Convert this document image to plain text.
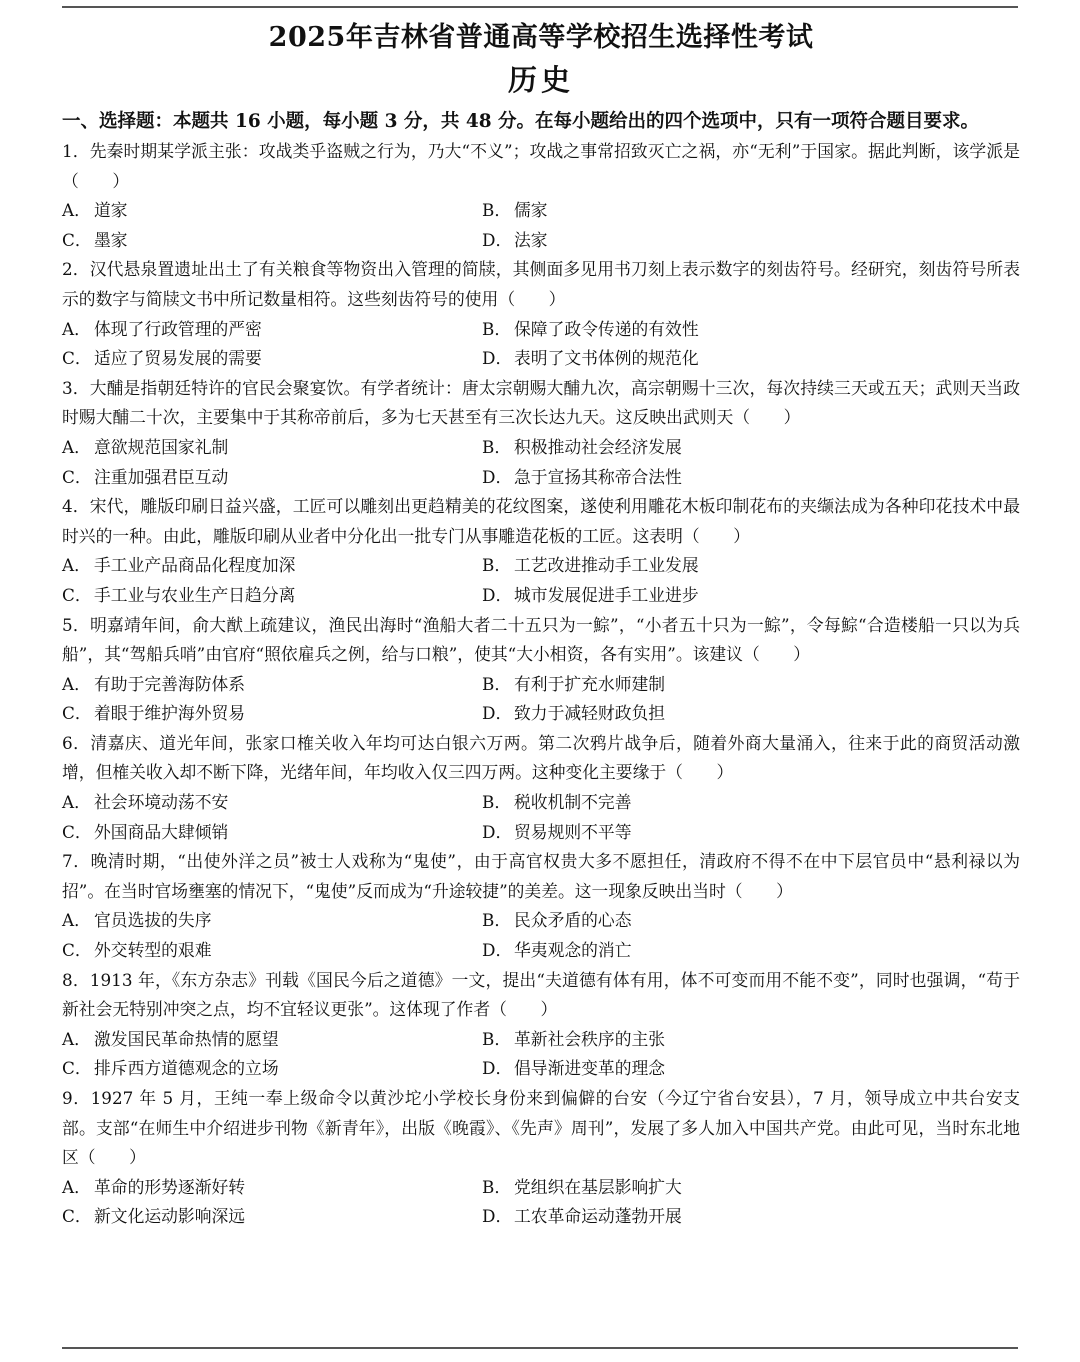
2025年吉林省普通高等学校招生选择性考试
历史

一、选择题：本题共 16 小题，每小题 3 分，共 48 分。在每小题给出的四个选项中，只有一项符合题目要求。

1．先秦时期某学派主张：攻战类乎盗贼之行为，乃大“不义”；攻战之事常招致灭亡之祸，亦“无利”于国家。据此判断，该学派是（　　）

A． 道家	B． 儒家
C． 墨家	D． 法家

2．汉代悬泉置遗址出土了有关粮食等物资出入管理的简牍，其侧面多见用书刀刻上表示数字的刻齿符号。经研究，刻齿符号所表示的数字与简牍文书中所记数量相符。这些刻齿符号的使用（　　）

A． 体现了行政管理的严密	B． 保障了政令传递的有效性
C． 适应了贸易发展的需要	D． 表明了文书体例的规范化

3．大酺是指朝廷特许的官民会聚宴饮。有学者统计：唐太宗朝赐大酺九次，高宗朝赐十三次，每次持续三天或五天；武则天当政时赐大酺二十次，主要集中于其称帝前后，多为七天甚至有三次长达九天。这反映出武则天（　　）

A． 意欲规范国家礼制	B． 积极推动社会经济发展
C． 注重加强君臣互动	D． 急于宣扬其称帝合法性

4．宋代，雕版印刷日益兴盛，工匠可以雕刻出更趋精美的花纹图案，遂使利用雕花木板印制花布的夹缬法成为各种印花技术中最时兴的一种。由此，雕版印刷从业者中分化出一批专门从事雕造花板的工匠。这表明（　　）

A． 手工业产品商品化程度加深	B． 工艺改进推动手工业发展
C． 手工业与农业生产日趋分离	D． 城市发展促进手工业进步

5．明嘉靖年间，俞大猷上疏建议，渔民出海时“渔船大者二十五只为一鯮”，“小者五十只为一鯮”，令每鯮“合造楼船一只以为兵船”，其“驾船兵哨”由官府“照依雇兵之例，给与口粮”，使其“大小相资，各有实用”。该建议（　　）

A． 有助于完善海防体系	B． 有利于扩充水师建制
C． 着眼于维护海外贸易	D． 致力于减轻财政负担

6．清嘉庆、道光年间，张家口榷关收入年均可达白银六万两。第二次鸦片战争后，随着外商大量涌入，往来于此的商贸活动激增，但榷关收入却不断下降，光绪年间，年均收入仅三四万两。这种变化主要缘于（　　）

A． 社会环境动荡不安	B． 税收机制不完善
C． 外国商品大肆倾销	D． 贸易规则不平等

7．晚清时期，“出使外洋之员”被士人戏称为“鬼使”，由于高官权贵大多不愿担任，清政府不得不在中下层官员中“悬利禄以为招”。在当时官场壅塞的情况下，“鬼使”反而成为“升途较捷”的美差。这一现象反映出当时（　　）

A． 官员选拔的失序	B． 民众矛盾的心态
C． 外交转型的艰难	D． 华夷观念的消亡

8．1913 年，《东方杂志》刊载《国民今后之道德》一文，提出“夫道德有体有用，体不可变而用不能不变”，同时也强调，“苟于新社会无特别冲突之点，均不宜轻议更张”。这体现了作者（　　）

A． 激发国民革命热情的愿望	B． 革新社会秩序的主张
C． 排斥西方道德观念的立场	D． 倡导渐进变革的理念

9．1927 年 5 月，王纯一奉上级命令以黄沙坨小学校长身份来到偏僻的台安（今辽宁省台安县），7 月，领导成立中共台安支部。支部“在师生中介绍进步刊物《新青年》，出版《晚霞》、《先声》周刊”，发展了多人加入中国共产党。由此可见，当时东北地区（　　）

A． 革命的形势逐渐好转	B． 党组织在基层影响扩大
C． 新文化运动影响深远	D． 工农革命运动蓬勃开展
